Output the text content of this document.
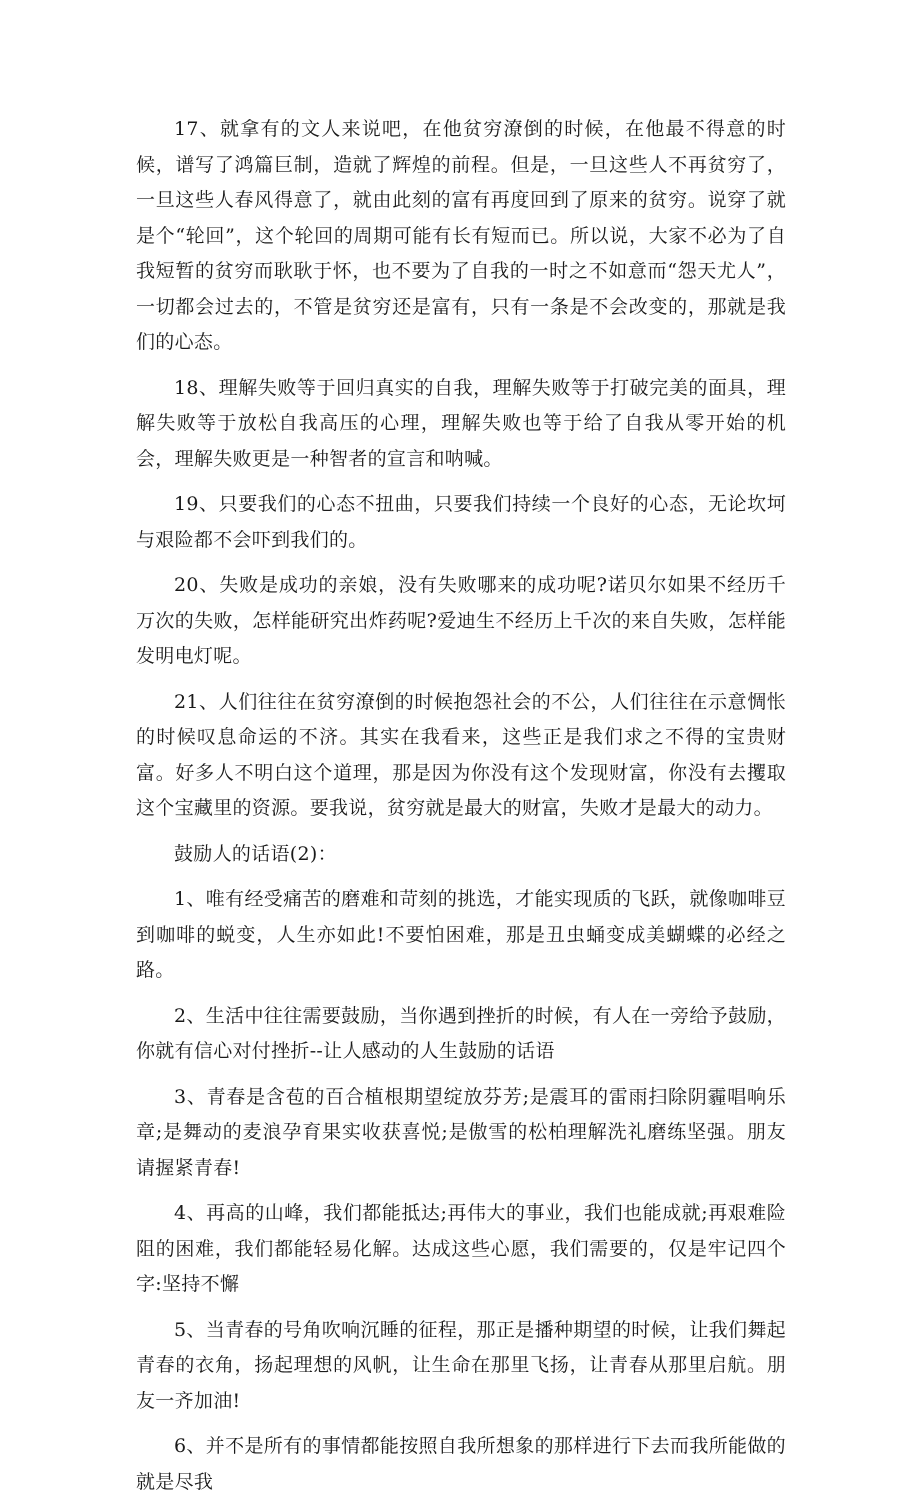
17、就拿有的文人来说吧，在他贫穷潦倒的时候，在他最不得意的时候，谱写了鸿篇巨制，造就了辉煌的前程。但是，一旦这些人不再贫穷了，一旦这些人春风得意了，就由此刻的富有再度回到了原来的贫穷。说穿了就是个“轮回”，这个轮回的周期可能有长有短而已。所以说，大家不必为了自我短暂的贫穷而耿耿于怀，也不要为了自我的一时之不如意而“怨天尤人”，一切都会过去的，不管是贫穷还是富有，只有一条是不会改变的，那就是我们的心态。

18、理解失败等于回归真实的自我，理解失败等于打破完美的面具，理解失败等于放松自我高压的心理，理解失败也等于给了自我从零开始的机会，理解失败更是一种智者的宣言和呐喊。

19、只要我们的心态不扭曲，只要我们持续一个良好的心态，无论坎坷与艰险都不会吓到我们的。

20、失败是成功的亲娘，没有失败哪来的成功呢?诺贝尔如果不经历千万次的失败，怎样能研究出炸药呢?爱迪生不经历上千次的来自失败，怎样能发明电灯呢。

21、人们往往在贫穷潦倒的时候抱怨社会的不公，人们往往在示意惆怅的时候叹息命运的不济。其实在我看来，这些正是我们求之不得的宝贵财富。好多人不明白这个道理，那是因为你没有这个发现财富，你没有去攫取这个宝藏里的资源。要我说，贫穷就是最大的财富，失败才是最大的动力。

鼓励人的话语(2)：

1、唯有经受痛苦的磨难和苛刻的挑选，才能实现质的飞跃，就像咖啡豆到咖啡的蜕变，人生亦如此!不要怕困难，那是丑虫蛹变成美蝴蝶的必经之路。

2、生活中往往需要鼓励，当你遇到挫折的时候，有人在一旁给予鼓励，你就有信心对付挫折--让人感动的人生鼓励的话语

3、青春是含苞的百合植根期望绽放芬芳;是震耳的雷雨扫除阴霾唱响乐章;是舞动的麦浪孕育果实收获喜悦;是傲雪的松柏理解洗礼磨练坚强。朋友请握紧青春!

4、再高的山峰，我们都能抵达;再伟大的事业，我们也能成就;再艰难险阻的困难，我们都能轻易化解。达成这些心愿，我们需要的，仅是牢记四个字:坚持不懈

5、当青春的号角吹响沉睡的征程，那正是播种期望的时候，让我们舞起青春的衣角，扬起理想的风帆，让生命在那里飞扬，让青春从那里启航。朋友一齐加油!

6、并不是所有的事情都能按照自我所想象的那样进行下去而我所能做的就是尽我
